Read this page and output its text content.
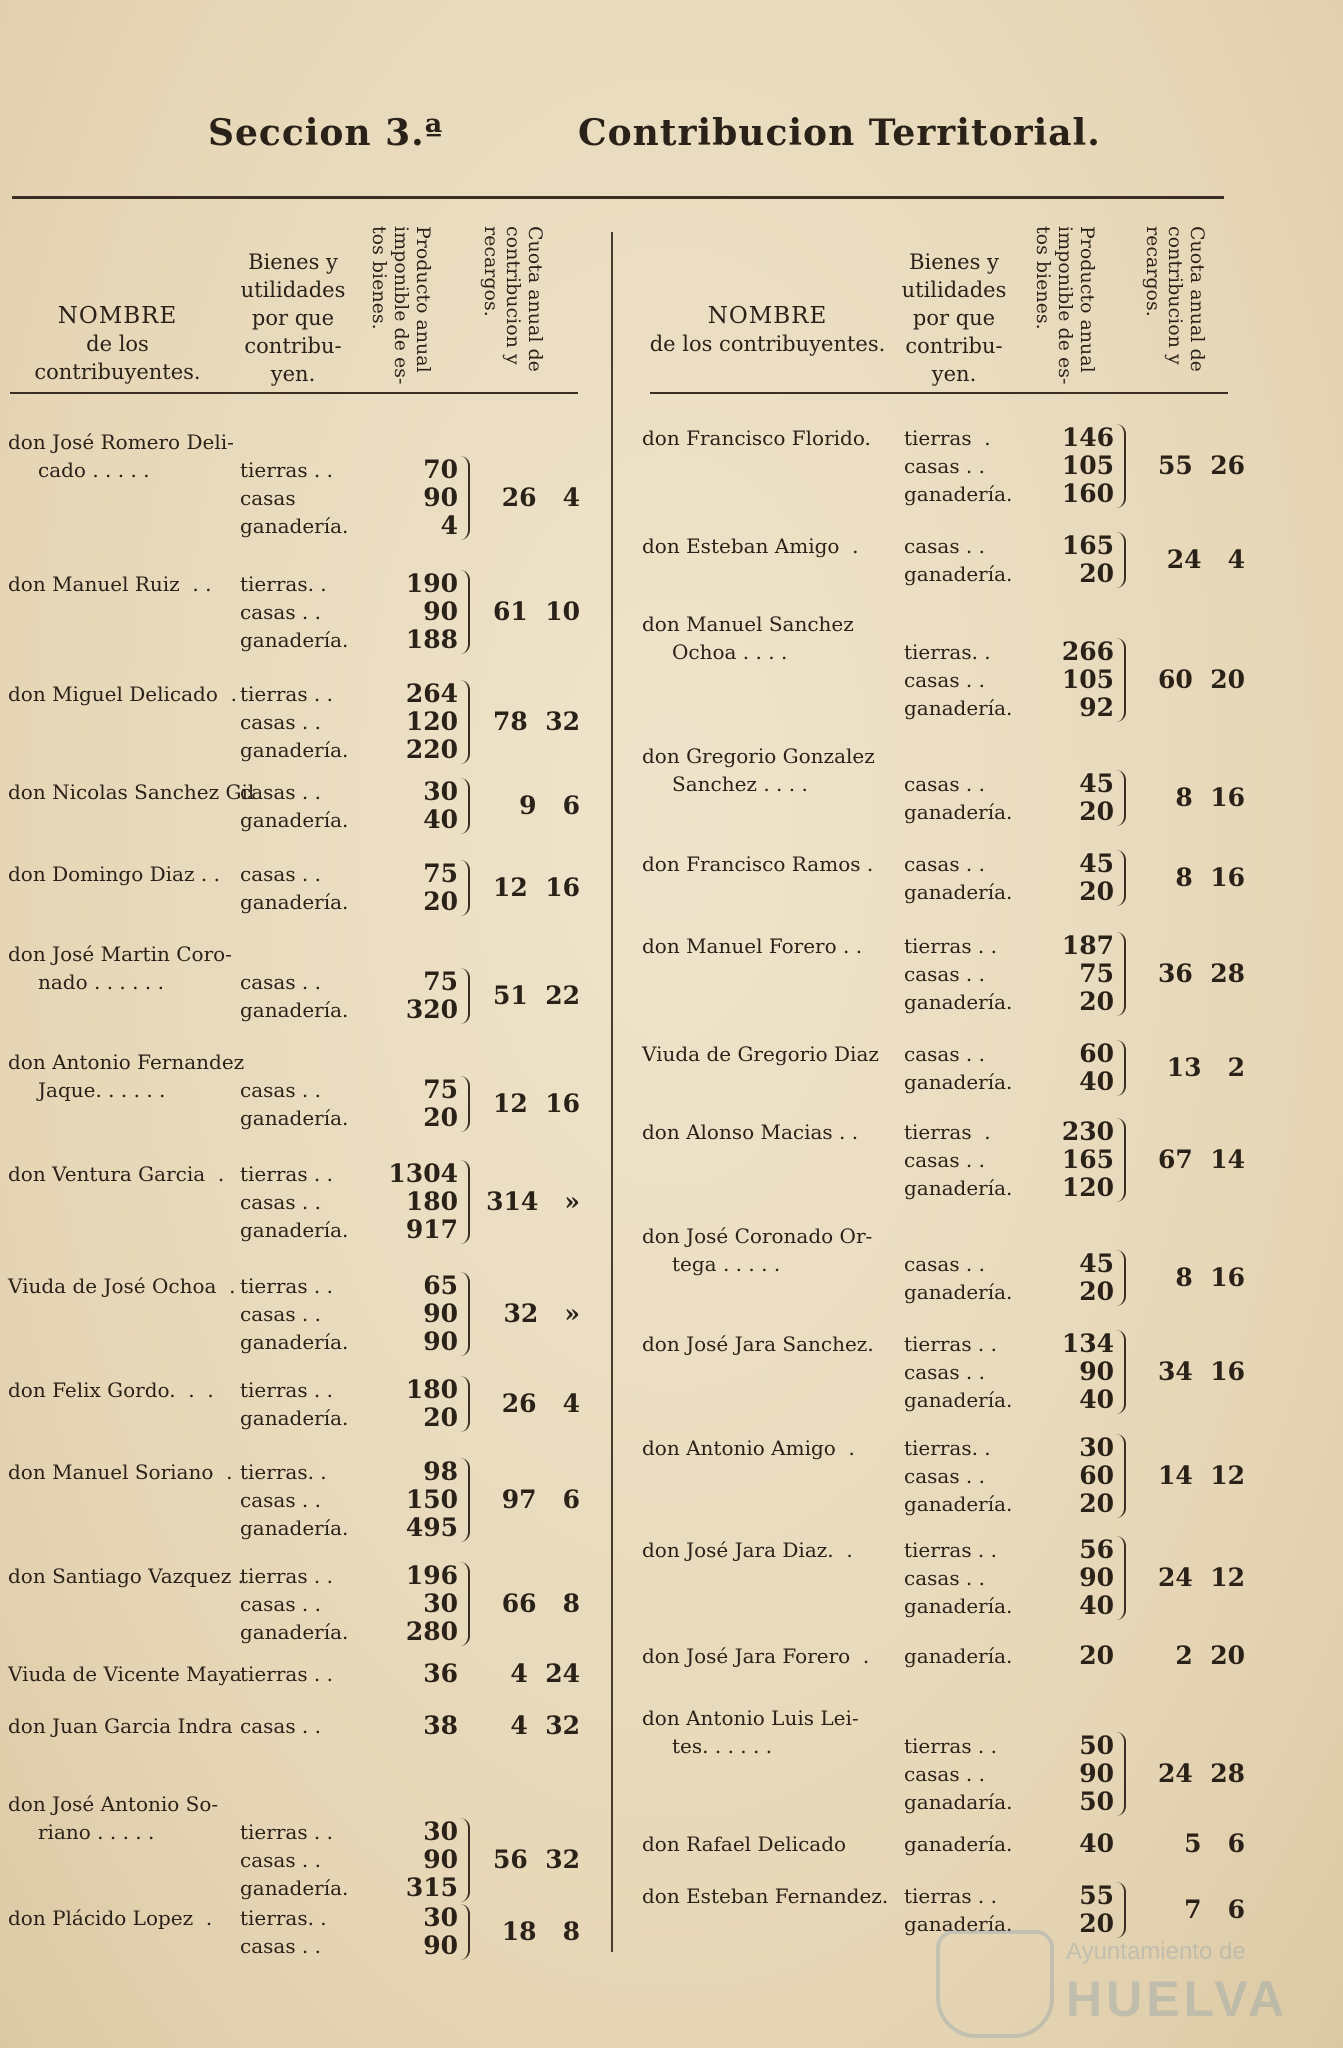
Seccion 3.ª	Contribucion Territorial.
NOMBRE
de los contribuyentes.
Bienes y
utilidades
por que
contribu-
yen.
Producto anual
imponible de es-
tos bienes.	Cuota anual de
contribucion y
recargos.	NOMBRE
de los contribuyentes.
Bienes y
utilidades
por que
contribu-
yen.
Producto anual
imponible de es-
tos bienes.	Cuota anual de
contribucion y
recargos.
don José Romero Deli-
cado . . . . .	tierras . .	70
casas	90
ganadería.	4
26   4
don Manuel Ruiz  . . tierras. .	190
casas . .	90
ganadería.	188
61  10
don Miguel Delicado  . tierras . .	264
casas . .	120
ganadería.	220
78  32
don Nicolas Sanchez Gil
casas . .	30
ganadería.	40	9   6
don Domingo Diaz . . casas . .	75
ganadería.	20	12  16
don José Martin Coro-
nado . . . . . .	casas . .	75
ganadería.	320	51  22
don Antonio Fernandez
Jaque. . . . . .	casas . .	75
ganadería.	20	12  16
don Ventura Garcia  . tierras . .	1304
casas . .	180
ganadería.	917
314   »
Viuda de José Ochoa  . tierras . .	65
casas . .	90
ganadería.	90
32   »
don Felix Gordo.  .  . tierras . .	180
ganadería.	20	26   4
don Manuel Soriano  . tierras. .	98
casas . .	150
ganadería.	495
97   6
don Santiago Vazquez .
tierras . .	196
casas . .	30
ganadería.	280
66   8
Viuda de Vicente Maya
tierras . .	36	4  24
don Juan Garcia Indra casas . .	38	4  32
don José Antonio So-
riano . . . . .	tierras . .	30
casas . .	90
ganadería.	315
56  32
don Plácido Lopez  . tierras. .	30
casas . .	90	18   8
don Francisco Florido. tierras  .	146
casas . .	105
ganadería.	160
55  26
don Esteban Amigo  . casas . .	165
ganadería.	20	24   4
don Manuel Sanchez
Ochoa . . . .	tierras. .	266
casas . .	105
ganadería.	92
60  20
don Gregorio Gonzalez
Sanchez . . . .	casas . .	45
ganadería.	20	8  16
don Francisco Ramos . casas . .	45
ganadería.	20	8  16
don Manuel Forero . . tierras . .	187
casas . .	75
ganadería.	20
36  28
Viuda de Gregorio Diaz casas . .	60
ganadería.	40	13   2
don Alonso Macias . . tierras  .	230
casas . .	165
ganadería.	120
67  14
don José Coronado Or-
tega . . . . .	casas . .	45
ganadería.	20	8  16
don José Jara Sanchez. tierras . .	134
casas . .	90
ganadería.	40
34  16
don Antonio Amigo  . tierras. .	30
casas . .	60
ganadería.	20
14  12
don José Jara Diaz.  .	tierras . .	56
casas . .	90
ganadería.	40
24  12
don José Jara Forero  . ganadería.	20	2  20
don Antonio Luis Lei-
tes. . . . . .	tierras . .	50
casas . .	90
ganadaría.	50
24  28
don Rafael Delicado	ganadería.	40	5   6
don Esteban Fernandez. tierras . .	55
ganadería.	20	7   6
Ayuntamiento de
HUELVA
